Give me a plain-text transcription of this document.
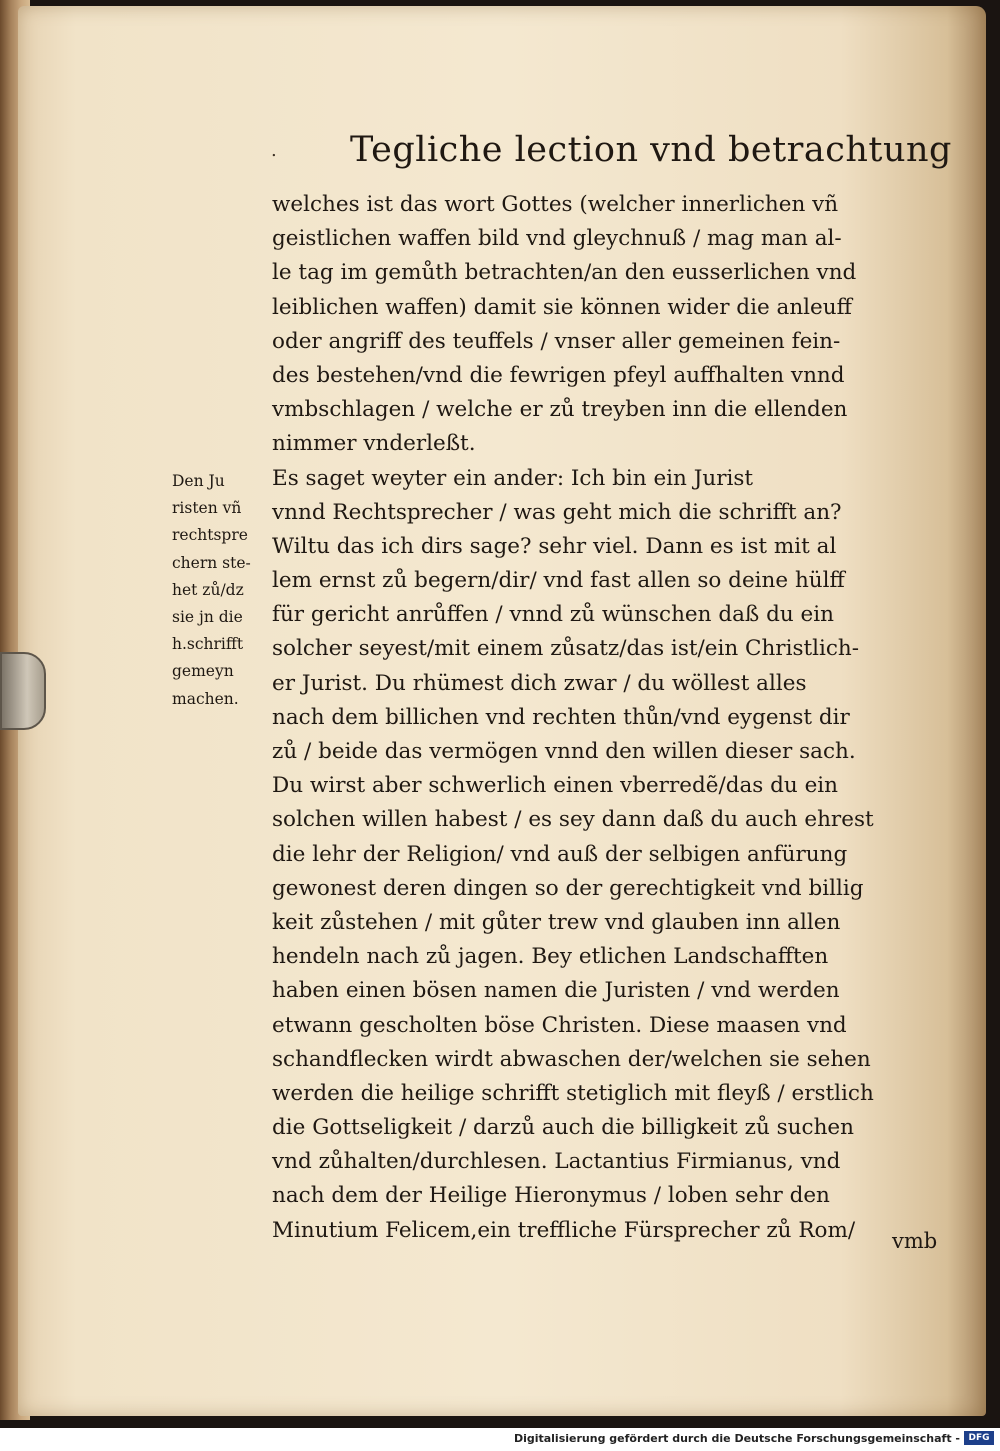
. Tegliche lection vnd betrachtung
welches ist das wort Gottes (welcher innerlichen vñ
geistlichen waffen bild vnd gleychnuß / mag man al-
le tag im gemůth betrachten/an den eusserlichen vnd
leiblichen waffen) damit sie können wider die anleuff
oder angriff des teuffels / vnser aller gemeinen fein-
des bestehen/vnd die fewrigen pfeyl auffhalten vnnd
vmbschlagen / welche er zů treyben inn die ellenden
nimmer vnderleßt.
Es saget weyter ein ander: Ich bin ein Jurist
vnnd Rechtsprecher / was geht mich die schrifft an?
Wiltu das ich dirs sage? sehr viel. Dann es ist mit al
lem ernst zů begern/dir/ vnd fast allen so deine hülff
für gericht anrůffen / vnnd zů wünschen daß du ein
solcher seyest/mit einem zůsatz/das ist/ein Christlich-
er Jurist. Du rhümest dich zwar / du wöllest alles
nach dem billichen vnd rechten thůn/vnd eygenst dir
zů / beide das vermögen vnnd den willen dieser sach.
Du wirst aber schwerlich einen vberredẽ/das du ein
solchen willen habest / es sey dann daß du auch ehrest
die lehr der Religion/ vnd auß der selbigen anfürung
gewonest deren dingen so der gerechtigkeit vnd billig
keit zůstehen / mit gůter trew vnd glauben inn allen
hendeln nach zů jagen. Bey etlichen Landschafften
haben einen bösen namen die Juristen / vnd werden
etwann gescholten böse Christen. Diese maasen vnd
schandflecken wirdt abwaschen der/welchen sie sehen
werden die heilige schrifft stetiglich mit fleyß / erstlich
die Gottseligkeit / darzů auch die billigkeit zů suchen
vnd zůhalten/durchlesen. Lactantius Firmianus, vnd
nach dem der Heilige Hieronymus / loben sehr den
Minutium Felicem,ein treffliche Fürsprecher zů Rom/
Den Ju
risten vñ
rechtspre
chern ste-
het zů/dz
sie jn die
h.schrifft
gemeyn
machen.
vmb
Digitalisierung gefördert durch die Deutsche Forschungsgemeinschaft - DFG
